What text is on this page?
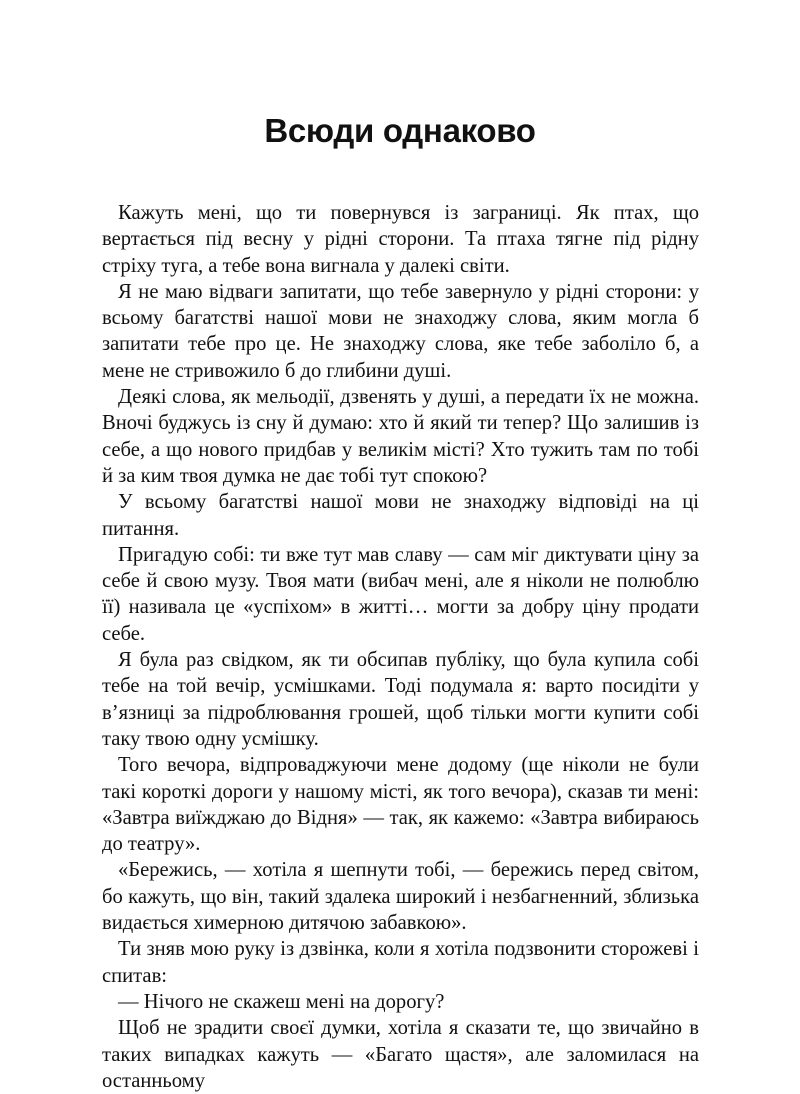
Всюди однаково

Кажуть мені, що ти повернувся із заграниці. Як птах, що вертається під весну у рідні сторони. Та птаха тягне під рідну стріху туга, а тебе вона вигнала у далекі світи.

Я не маю відваги запитати, що тебе завернуло у рідні сторони: у всьому багатстві нашої мови не знаходжу слова, яким могла б запитати тебе про це. Не знаходжу слова, яке тебе заболіло б, а мене не стривожило б до глибини душі.

Деякі слова, як мельодії, дзвенять у душі, а передати їх не можна. Вночі буджусь із сну й думаю: хто й який ти тепер? Що залишив із себе, а що нового придбав у великім місті? Хто тужить там по тобі й за ким твоя думка не дає тобі тут спокою?

У всьому багатстві нашої мови не знаходжу відповіді на ці питання.

Пригадую собі: ти вже тут мав славу — сам міг диктувати ціну за себе й свою музу. Твоя мати (вибач мені, але я ніколи не полюблю її) називала це «успіхом» в житті… могти за добру ціну продати себе.

Я була раз свідком, як ти обсипав публіку, що була купила собі тебе на той вечір, усмішками. Тоді подумала я: варто посидіти у в’язниці за підроблювання грошей, щоб тільки могти купити собі таку твою одну усмішку.

Того вечора, відпроваджуючи мене додому (ще ніколи не були такі короткі дороги у нашому місті, як того вечора), сказав ти мені: «Завтра виїжджаю до Відня» — так, як кажемо: «Завтра вибираюсь до театру».

«Бережись, — хотіла я шепнути тобі, — бережись перед світом, бо кажуть, що він, такий здалека широкий і незбагненний, зблизька видається химерною дитячою забавкою».

Ти зняв мою руку із дзвінка, коли я хотіла подзвонити сторожеві і спитав:

— Нічого не скажеш мені на дорогу?

Щоб не зрадити своєї думки, хотіла я сказати те, що звичайно в таких випадках кажуть — «Багато щастя», але заломилася на останньому
